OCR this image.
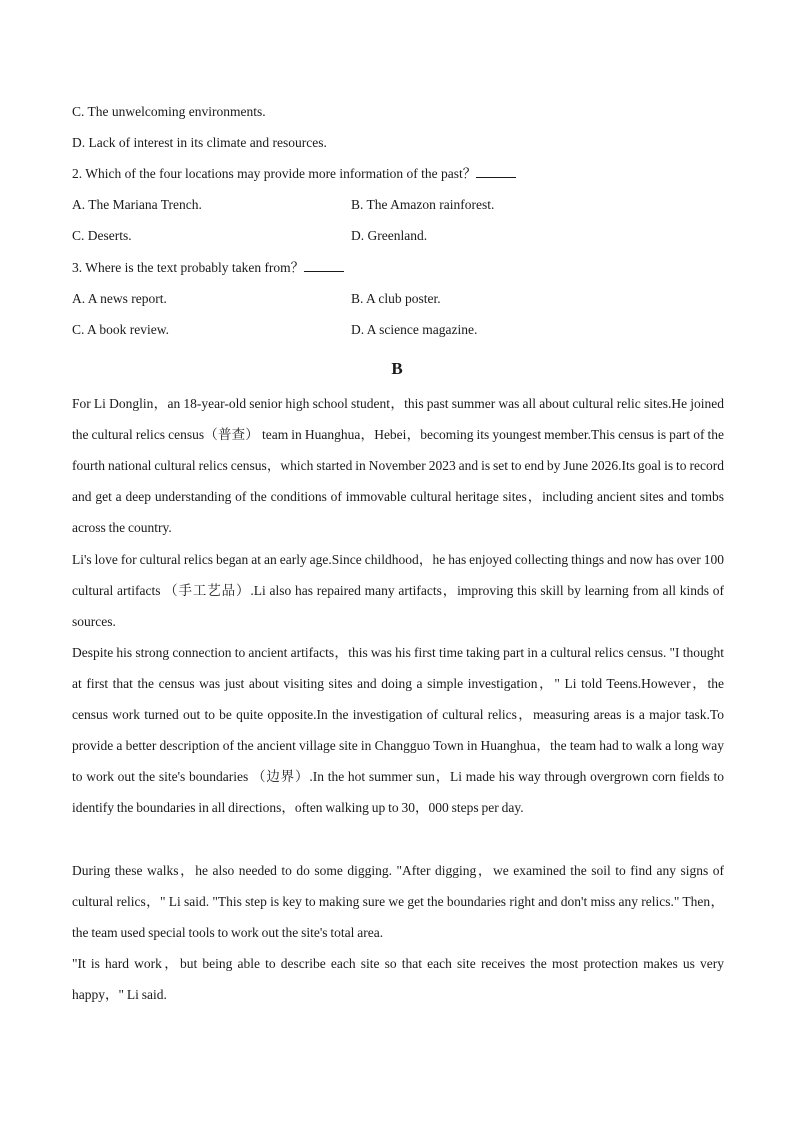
C. The unwelcoming environments.
D. Lack of interest in its climate and resources.
2. Which of the four locations may provide more information of the past？
A. The Mariana Trench.	B. The Amazon rainforest.
C. Deserts.	D. Greenland.
3. Where is the text probably taken from？
A. A news report.	B. A club poster.
C. A book review.	D. A science magazine.
B
For Li Donglin，an 18-year-old senior high school student，this past summer was all about cultural relic sites.He joined the cultural relics census（普查） team in Huanghua，Hebei，becoming its youngest member.This census is part of the fourth national cultural relics census，which started in November 2023 and is set to end by June 2026.Its goal is to record and get a deep understanding of the conditions of immovable cultural heritage sites，including ancient sites and tombs across the country.
Li's love for cultural relics began at an early age.Since childhood，he has enjoyed collecting things and now has over 100 cultural artifacts （手工艺品）.Li also has repaired many artifacts，improving this skill by learning from all kinds of sources.
Despite his strong connection to ancient artifacts，this was his first time taking part in a cultural relics census. "I thought at first that the census was just about visiting sites and doing a simple investigation，" Li told Teens.However，the census work turned out to be quite opposite.In the investigation of cultural relics，measuring areas is a major task.To provide a better description of the ancient village site in Changguo Town in Huanghua，the team had to walk a long way to work out the site's boundaries （边界）.In the hot summer sun，Li made his way through overgrown corn fields to identify the boundaries in all directions，often walking up to 30，000 steps per day.
During these walks，he also needed to do some digging. "After digging，we examined the soil to find any signs of cultural relics，" Li said. "This step is key to making sure we get the boundaries right and don't miss any relics." Then，the team used special tools to work out the site's total area.
"It is hard work，but being able to describe each site so that each site receives the most protection makes us very happy，" Li said.
